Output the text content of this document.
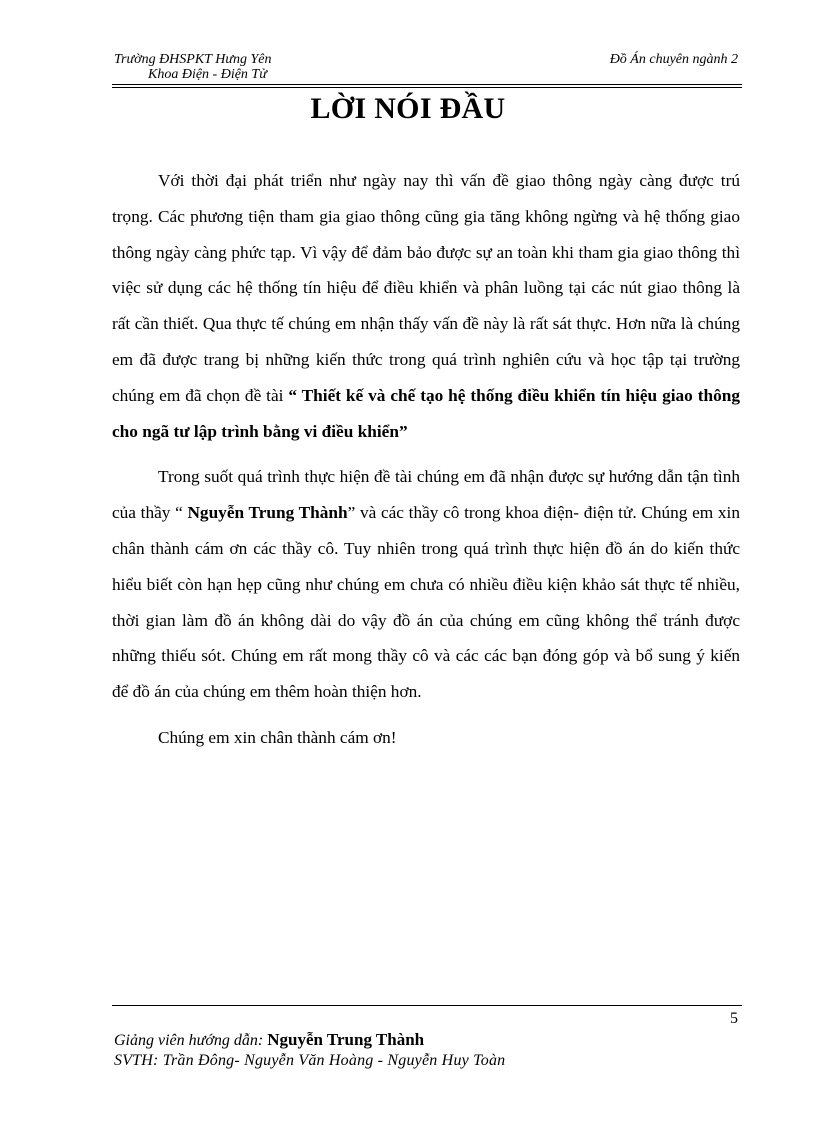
Trường ĐHSPKT Hưng Yên
Khoa Điện - Điện Tử
Đồ Án chuyên ngành 2
LỜI NÓI ĐẦU

Với thời đại phát triển như ngày nay thì vấn đề giao thông ngày càng được trú trọng. Các phương tiện tham gia giao thông cũng gia tăng không ngừng và hệ thống giao thông ngày càng phức tạp. Vì vậy để đảm bảo được sự an toàn khi tham gia giao thông thì việc sử dụng các hệ thống tín hiệu để điều khiển và phân luồng tại các nút giao thông là rất cần thiết. Qua thực tế chúng em nhận thấy vấn đề này là rất sát thực. Hơn nữa là chúng em đã được trang bị những kiến thức trong quá trình nghiên cứu và học tập tại trường chúng em đã chọn đề tài “ Thiết kế và chế tạo hệ thống điều khiển tín hiệu giao thông cho ngã tư lập trình bằng vi điều khiển”

Trong suốt quá trình thực hiện đề tài chúng em đã nhận được sự hướng dẫn tận tình của thầy “ Nguyễn Trung Thành” và các thầy cô trong khoa điện- điện tử. Chúng em xin chân thành cám ơn các thầy cô. Tuy nhiên trong quá trình thực hiện đồ án do kiến thức hiểu biết còn hạn hẹp cũng như chúng em chưa có nhiều điều kiện khảo sát thực tế nhiều, thời gian làm đồ án không dài do vậy đồ án của chúng em cũng không thể tránh được những thiếu sót. Chúng em rất mong thầy cô và các các bạn đóng góp và bổ sung ý kiến để đồ án của chúng em thêm hoàn thiện hơn.

Chúng em xin chân thành cám ơn!

5
Giảng viên hướng dẫn: Nguyễn Trung Thành
SVTH: Trần Đông- Nguyễn Văn Hoàng - Nguyễn Huy Toàn
